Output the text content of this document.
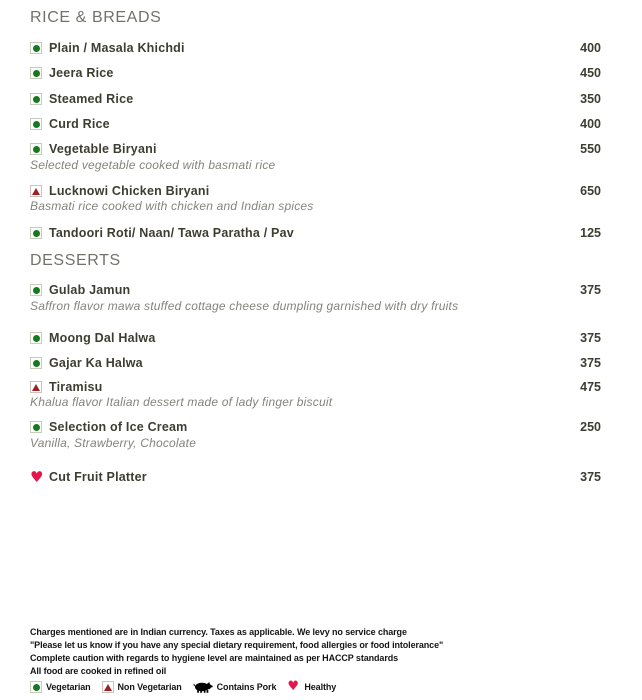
RICE & BREADS
Plain / Masala Khichdi	400
Jeera Rice	450
Steamed Rice	350
Curd Rice	400
Vegetable Biryani	550
Selected vegetable cooked with basmati rice
Lucknowi Chicken Biryani	650
Basmati rice cooked with chicken and Indian spices
Tandoori Roti/ Naan/ Tawa Paratha / Pav	125
DESSERTS
Gulab Jamun	375
Saffron flavor mawa stuffed cottage cheese dumpling garnished with dry fruits
Moong Dal Halwa	375
Gajar Ka Halwa	375
Tiramisu	475
Khalua flavor Italian dessert made of lady finger biscuit
Selection of Ice Cream	250
Vanilla, Strawberry, Chocolate
♥ Cut Fruit Platter	375
Charges mentioned are in Indian currency. Taxes as applicable. We levy no service charge
"Please let us know if you have any special dietary requirement, food allergies or food intolerance"
Complete caution with regards to hygiene level are maintained as per HACCP standards
All food are cooked in refined oil
Vegetarian	Non Vegetarian	Contains Pork ♥ Healthy
